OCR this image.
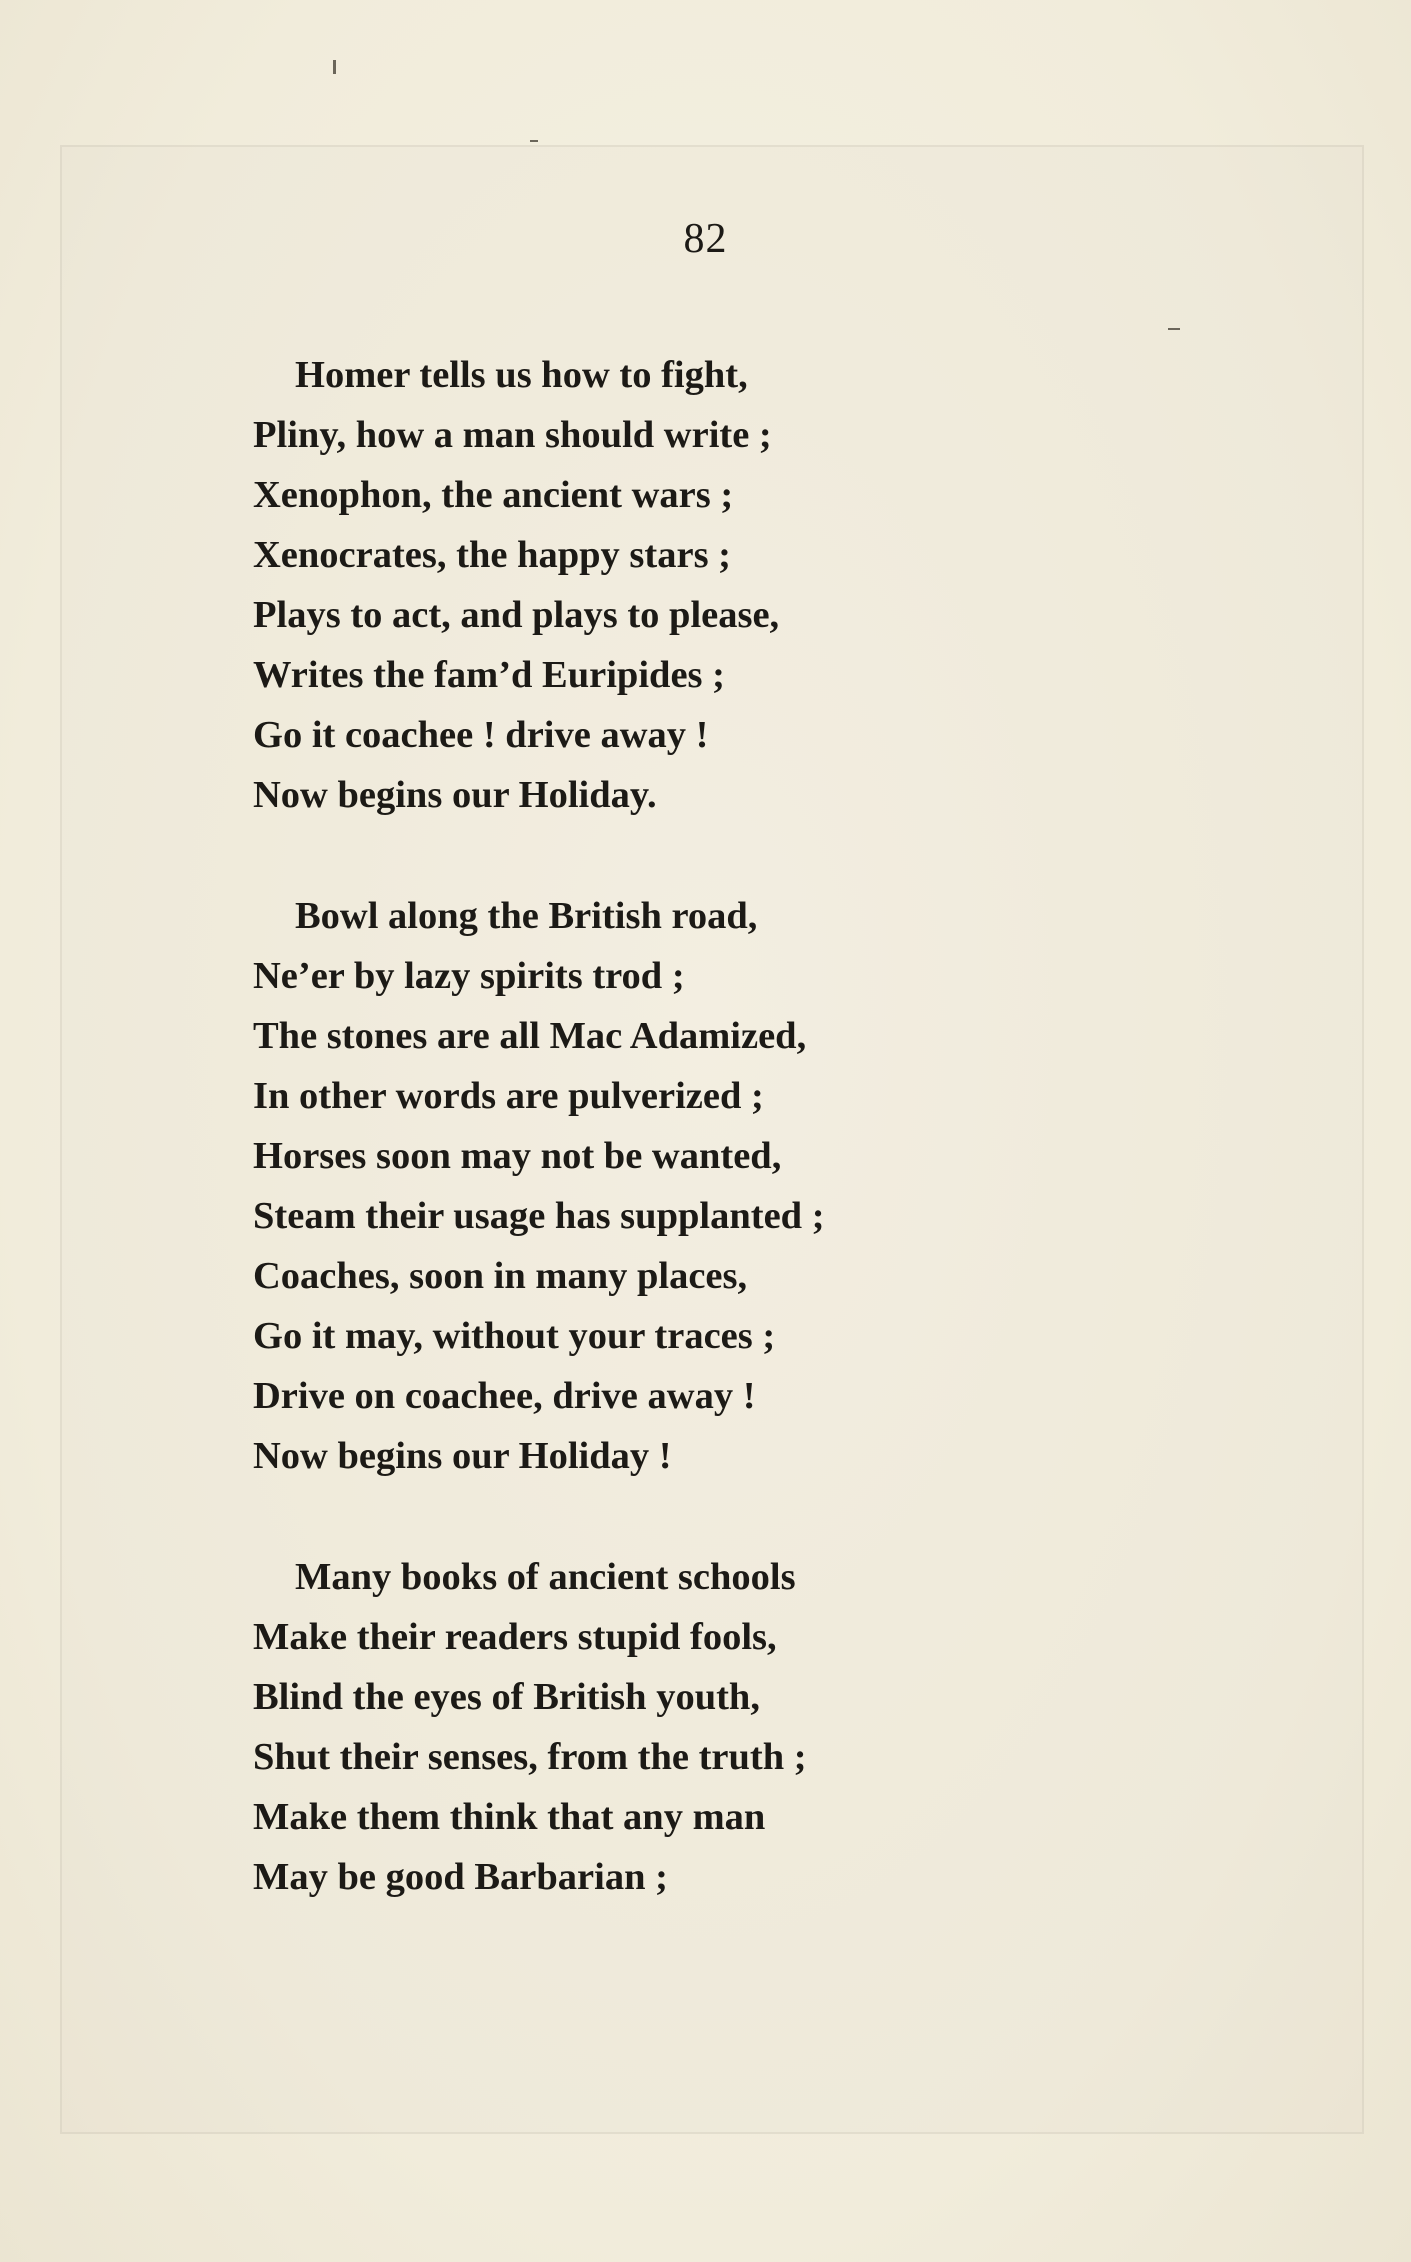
82
Homer tells us how to fight,
Pliny, how a man should write ;
Xenophon, the ancient wars ;
Xenocrates, the happy stars ;
Plays to act, and plays to please,
Writes the fam’d Euripides ;
Go it coachee ! drive away !
Now begins our Holiday.
Bowl along the British road,
Ne’er by lazy spirits trod ;
The stones are all Mac Adamized,
In other words are pulverized ;
Horses soon may not be wanted,
Steam their usage has supplanted ;
Coaches, soon in many places,
Go it may, without your traces ;
Drive on coachee, drive away !
Now begins our Holiday !
Many books of ancient schools
Make their readers stupid fools,
Blind the eyes of British youth,
Shut their senses, from the truth ;
Make them think that any man
May be good Barbarian ;
